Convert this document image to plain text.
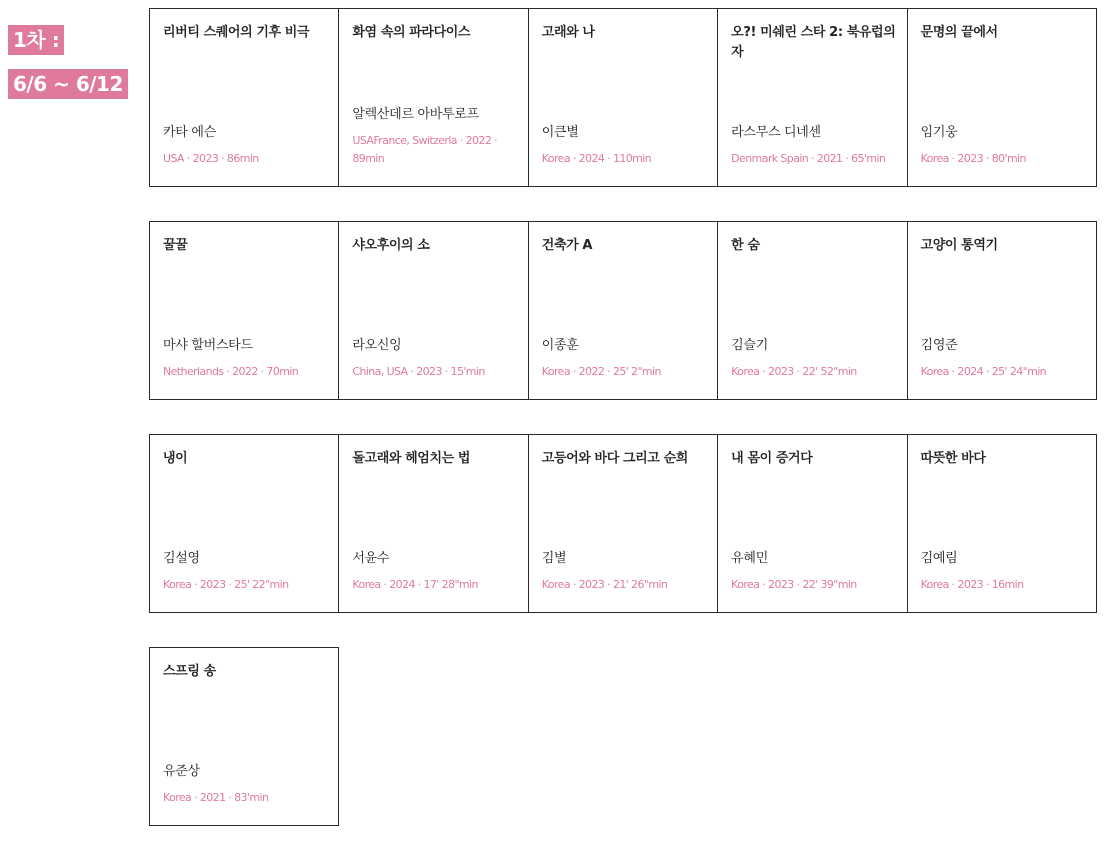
1차 :
6/6 ~ 6/12
리버티 스퀘어의 기후 비극
카타 에슨
USA · 2023 · 86min
화염 속의 파라다이스
알렉산데르 아바투로프
USAFrance, Switzerla · 2022 · 89min
고래와 나
이큰별
Korea · 2024 · 110min
오?! 미쉐린 스타 2: 북유럽의 자
라스무스 디네센
Denmark Spain · 2021 · 65'min
문명의 끝에서
임기웅
Korea · 2023 · 80'min
꿀꿀
마샤 할버스타드
Netherlands · 2022 · 70min
샤오후이의 소
라오신잉
China, USA · 2023 · 15'min
건축가 A
이종훈
Korea · 2022 · 25' 2"min
한 숨
김슬기
Korea · 2023 · 22' 52"min
고양이 통역기
김영준
Korea · 2024 · 25' 24"min
냉이
김설영
Korea · 2023 · 25' 22"min
돌고래와 헤엄치는 법
서윤수
Korea · 2024 · 17' 28"min
고등어와 바다 그리고 순희
김별
Korea · 2023 · 21' 26"min
내 몸이 증거다
유혜민
Korea · 2023 · 22' 39"min
따뜻한 바다
김예림
Korea · 2023 · 16min
스프링 송
유준상
Korea · 2021 · 83'min
